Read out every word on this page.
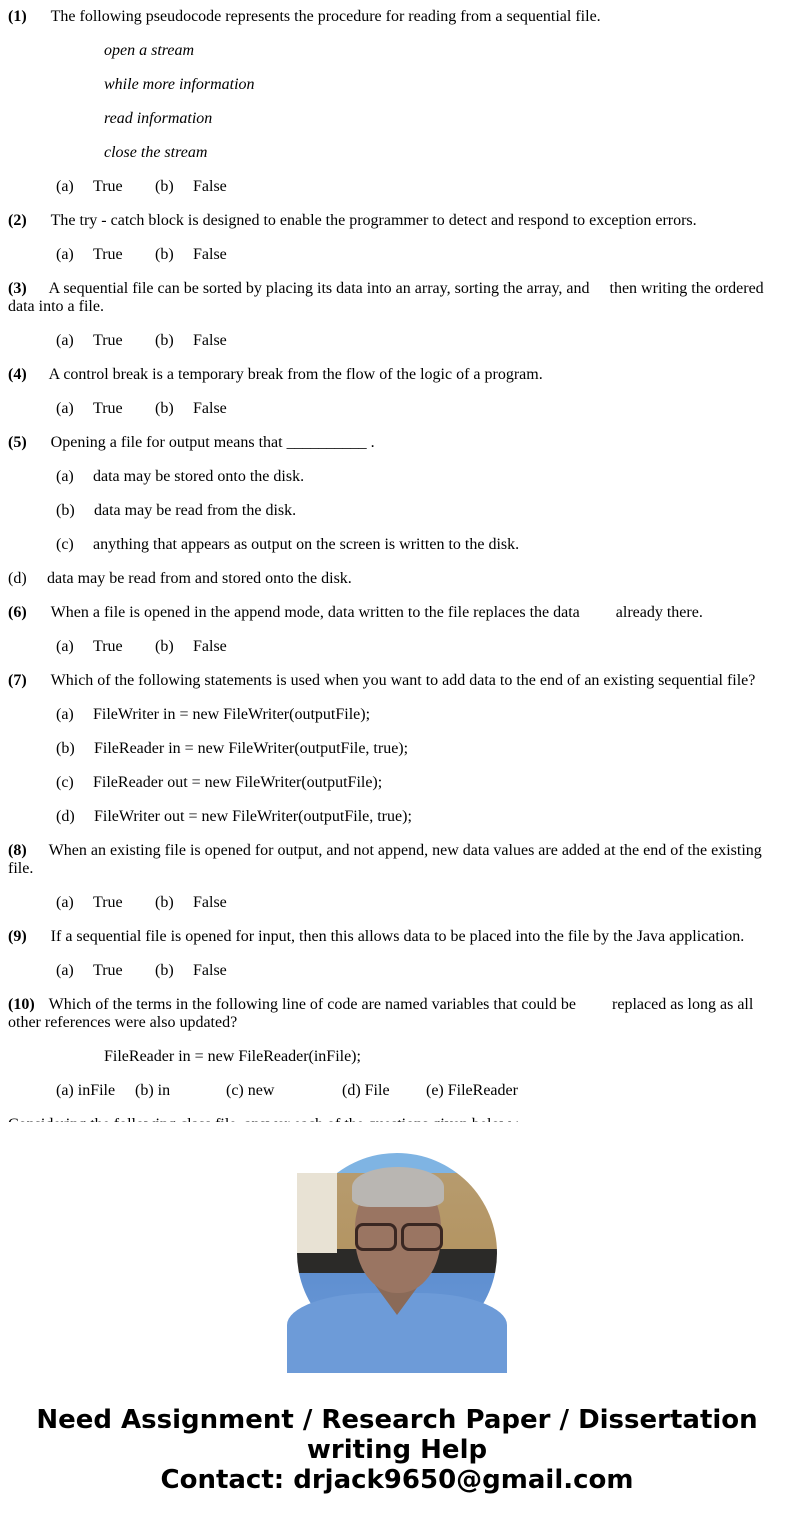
(1) The following pseudocode represents the procedure for reading from a sequential file.
open a stream
while more information
read information
close the stream
(a) True (b) False
(2) The try - catch block is designed to enable the programmer to detect and respond to exception errors.
(a) True (b) False
(3) A sequential file can be sorted by placing its data into an array, sorting the array, and     then writing the ordered data into a file.
(a) True (b) False
(4) A control break is a temporary break from the flow of the logic of a program.
(a) True (b) False
(5) Opening a file for output means that __________ .
(a) data may be stored onto the disk.
(b) data may be read from the disk.
(c) anything that appears as output on the screen is written to the disk.
(d) data may be read from and stored onto the disk.
(6) When a file is opened in the append mode, data written to the file replaces the data         already there.
(a) True (b) False
(7) Which of the following statements is used when you want to add data to the end of an existing sequential file?
(a) FileWriter in = new FileWriter(outputFile);
(b) FileReader in = new FileWriter(outputFile, true);
(c) FileReader out = new FileWriter(outputFile);
(d) FileWriter out = new FileWriter(outputFile, true);
(8) When an existing file is opened for output, and not append, new data values are added at the end of the existing file.
(a) True (b) False
(9) If a sequential file is opened for input, then this allows data to be placed into the file by the Java application.
(a) True (b) False
(10) Which of the terms in the following line of code are named variables that could be         replaced as long as all other references were also updated?
FileReader in = new FileReader(inFile);
(a) inFile (b) in	(c) new	(d) File (e) FileReader
Need Assignment / Research Paper / Dissertation
writing Help
Contact: drjack9650@gmail.com
